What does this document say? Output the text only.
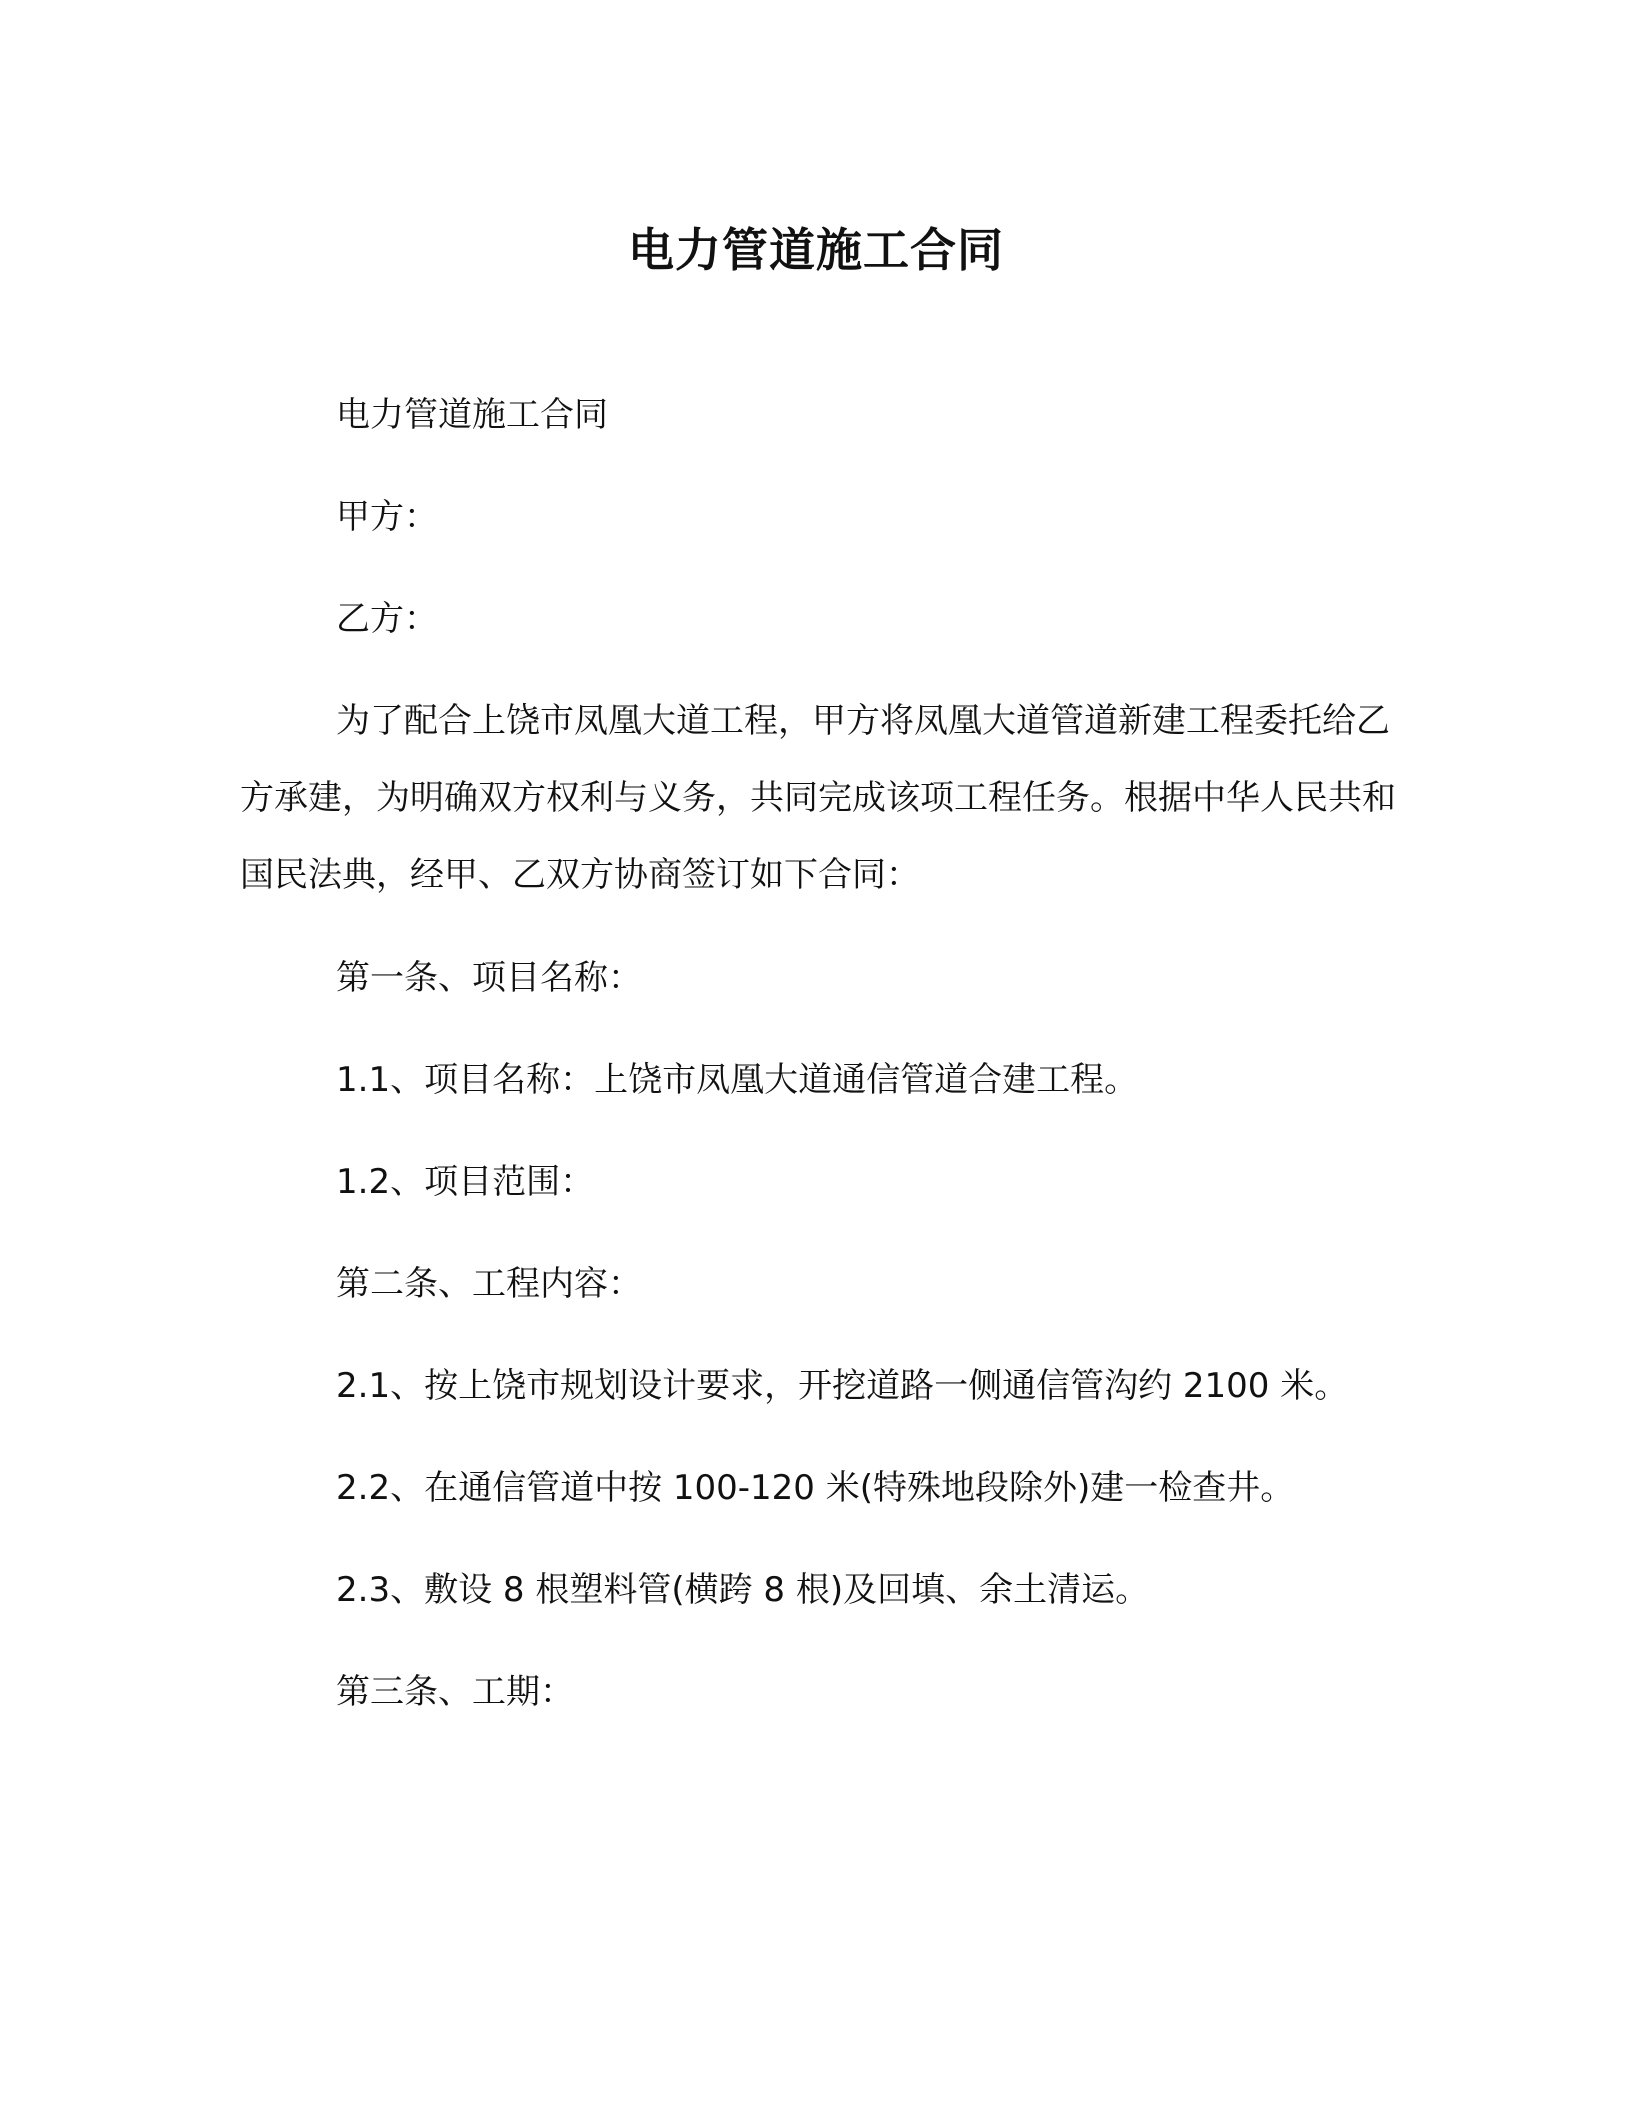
电力管道施工合同

电力管道施工合同

甲方：

乙方：

为了配合上饶市凤凰大道工程，甲方将凤凰大道管道新建工程委托给乙方承建，为明确双方权利与义务，共同完成该项工程任务。根据中华人民共和国民法典，经甲、乙双方协商签订如下合同：

第一条、项目名称：

1.1、项目名称：上饶市凤凰大道通信管道合建工程。

1.2、项目范围：

第二条、工程内容：

2.1、按上饶市规划设计要求，开挖道路一侧通信管沟约 2100 米。

2.2、在通信管道中按 100-120 米(特殊地段除外)建一检查井。

2.3、敷设 8 根塑料管(横跨 8 根)及回填、余土清运。

第三条、工期：
